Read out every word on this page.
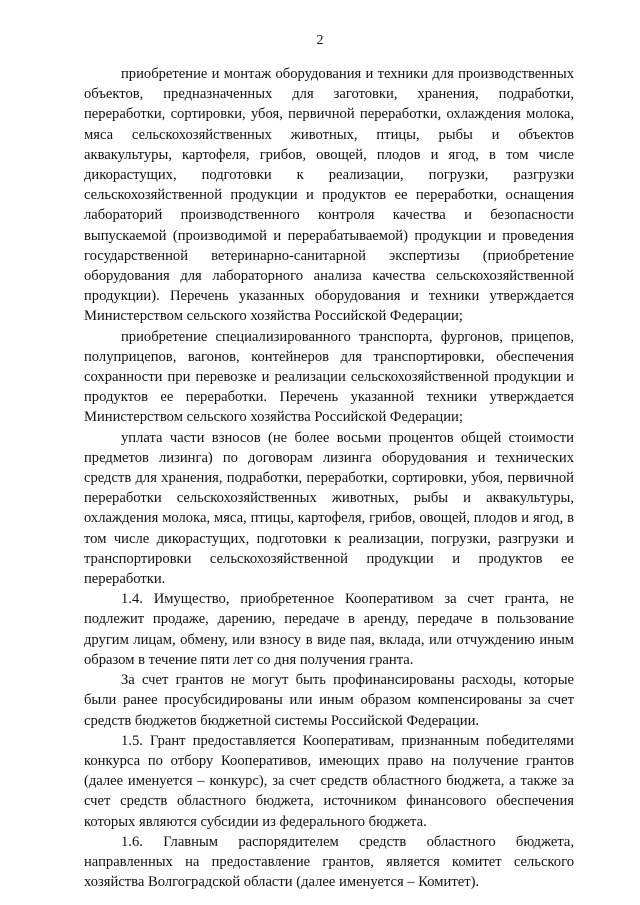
2

приобретение и монтаж оборудования и техники для производственных объектов, предназначенных для заготовки, хранения, подработки, переработки, сортировки, убоя, первичной переработки, охлаждения молока, мяса сельскохозяйственных животных, птицы, рыбы и объектов аквакультуры, картофеля, грибов, овощей, плодов и ягод, в том числе дикорастущих, подготовки к реализации, погрузки, разгрузки сельскохозяйственной продукции и продуктов ее переработки, оснащения лабораторий производственного контроля качества и безопасности выпускаемой (производимой и перерабатываемой) продукции и проведения государственной ветеринарно-санитарной экспертизы (приобретение оборудования для лабораторного анализа качества сельскохозяйственной продукции). Перечень указанных оборудования и техники утверждается Министерством сельского хозяйства Российской Федерации;

приобретение специализированного транспорта, фургонов, прицепов, полуприцепов, вагонов, контейнеров для транспортировки, обеспечения сохранности при перевозке и реализации сельскохозяйственной продукции и продуктов ее переработки. Перечень указанной техники утверждается Министерством сельского хозяйства Российской Федерации;

уплата части взносов (не более восьми процентов общей стоимости предметов лизинга) по договорам лизинга оборудования и технических средств для хранения, подработки, переработки, сортировки, убоя, первичной переработки сельскохозяйственных животных, рыбы и аквакультуры, охлаждения молока, мяса, птицы, картофеля, грибов, овощей, плодов и ягод, в том числе дикорастущих, подготовки к реализации, погрузки, разгрузки и транспортировки сельскохозяйственной продукции и продуктов ее переработки.

1.4. Имущество, приобретенное Кооперативом за счет гранта, не подлежит продаже, дарению, передаче в аренду, передаче в пользование другим лицам, обмену, или взносу в виде пая, вклада, или отчуждению иным образом в течение пяти лет со дня получения гранта.

За счет грантов не могут быть профинансированы расходы, которые были ранее просубсидированы или иным образом компенсированы за счет средств бюджетов бюджетной системы Российской Федерации.

1.5. Грант предоставляется Кооперативам, признанным победителями конкурса по отбору Кооперативов, имеющих право на получение грантов (далее именуется – конкурс), за счет средств областного бюджета, а также за счет средств областного бюджета, источником финансового обеспечения которых являются субсидии из федерального бюджета.

1.6. Главным распорядителем средств областного бюджета, направленных на предоставление грантов, является комитет сельского хозяйства Волгоградской области (далее именуется – Комитет).
